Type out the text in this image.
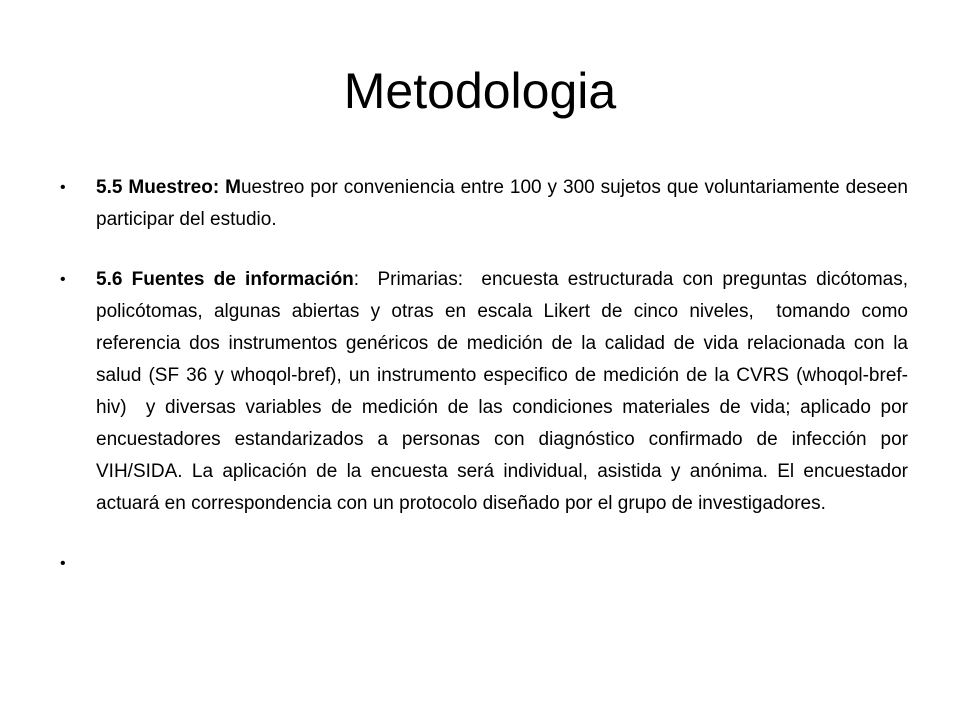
Metodologia
• 5.5 Muestreo: Muestreo por conveniencia entre 100 y 300 sujetos que voluntariamente deseen participar del estudio.
• 5.6 Fuentes de información:  Primarias:  encuesta estructurada con preguntas dicótomas, policótomas, algunas abiertas y otras en escala Likert de cinco niveles,  tomando como referencia dos instrumentos genéricos de medición de la calidad de vida relacionada con la salud (SF 36 y whoqol-bref), un instrumento especifico de medición de la CVRS (whoqol-bref-hiv)  y diversas variables de medición de las condiciones materiales de vida; aplicado por encuestadores estandarizados a personas con diagnóstico confirmado de infección por VIH/SIDA. La aplicación de la encuesta será individual, asistida y anónima. El encuestador actuará en correspondencia con un protocolo diseñado por el grupo de investigadores.
•
